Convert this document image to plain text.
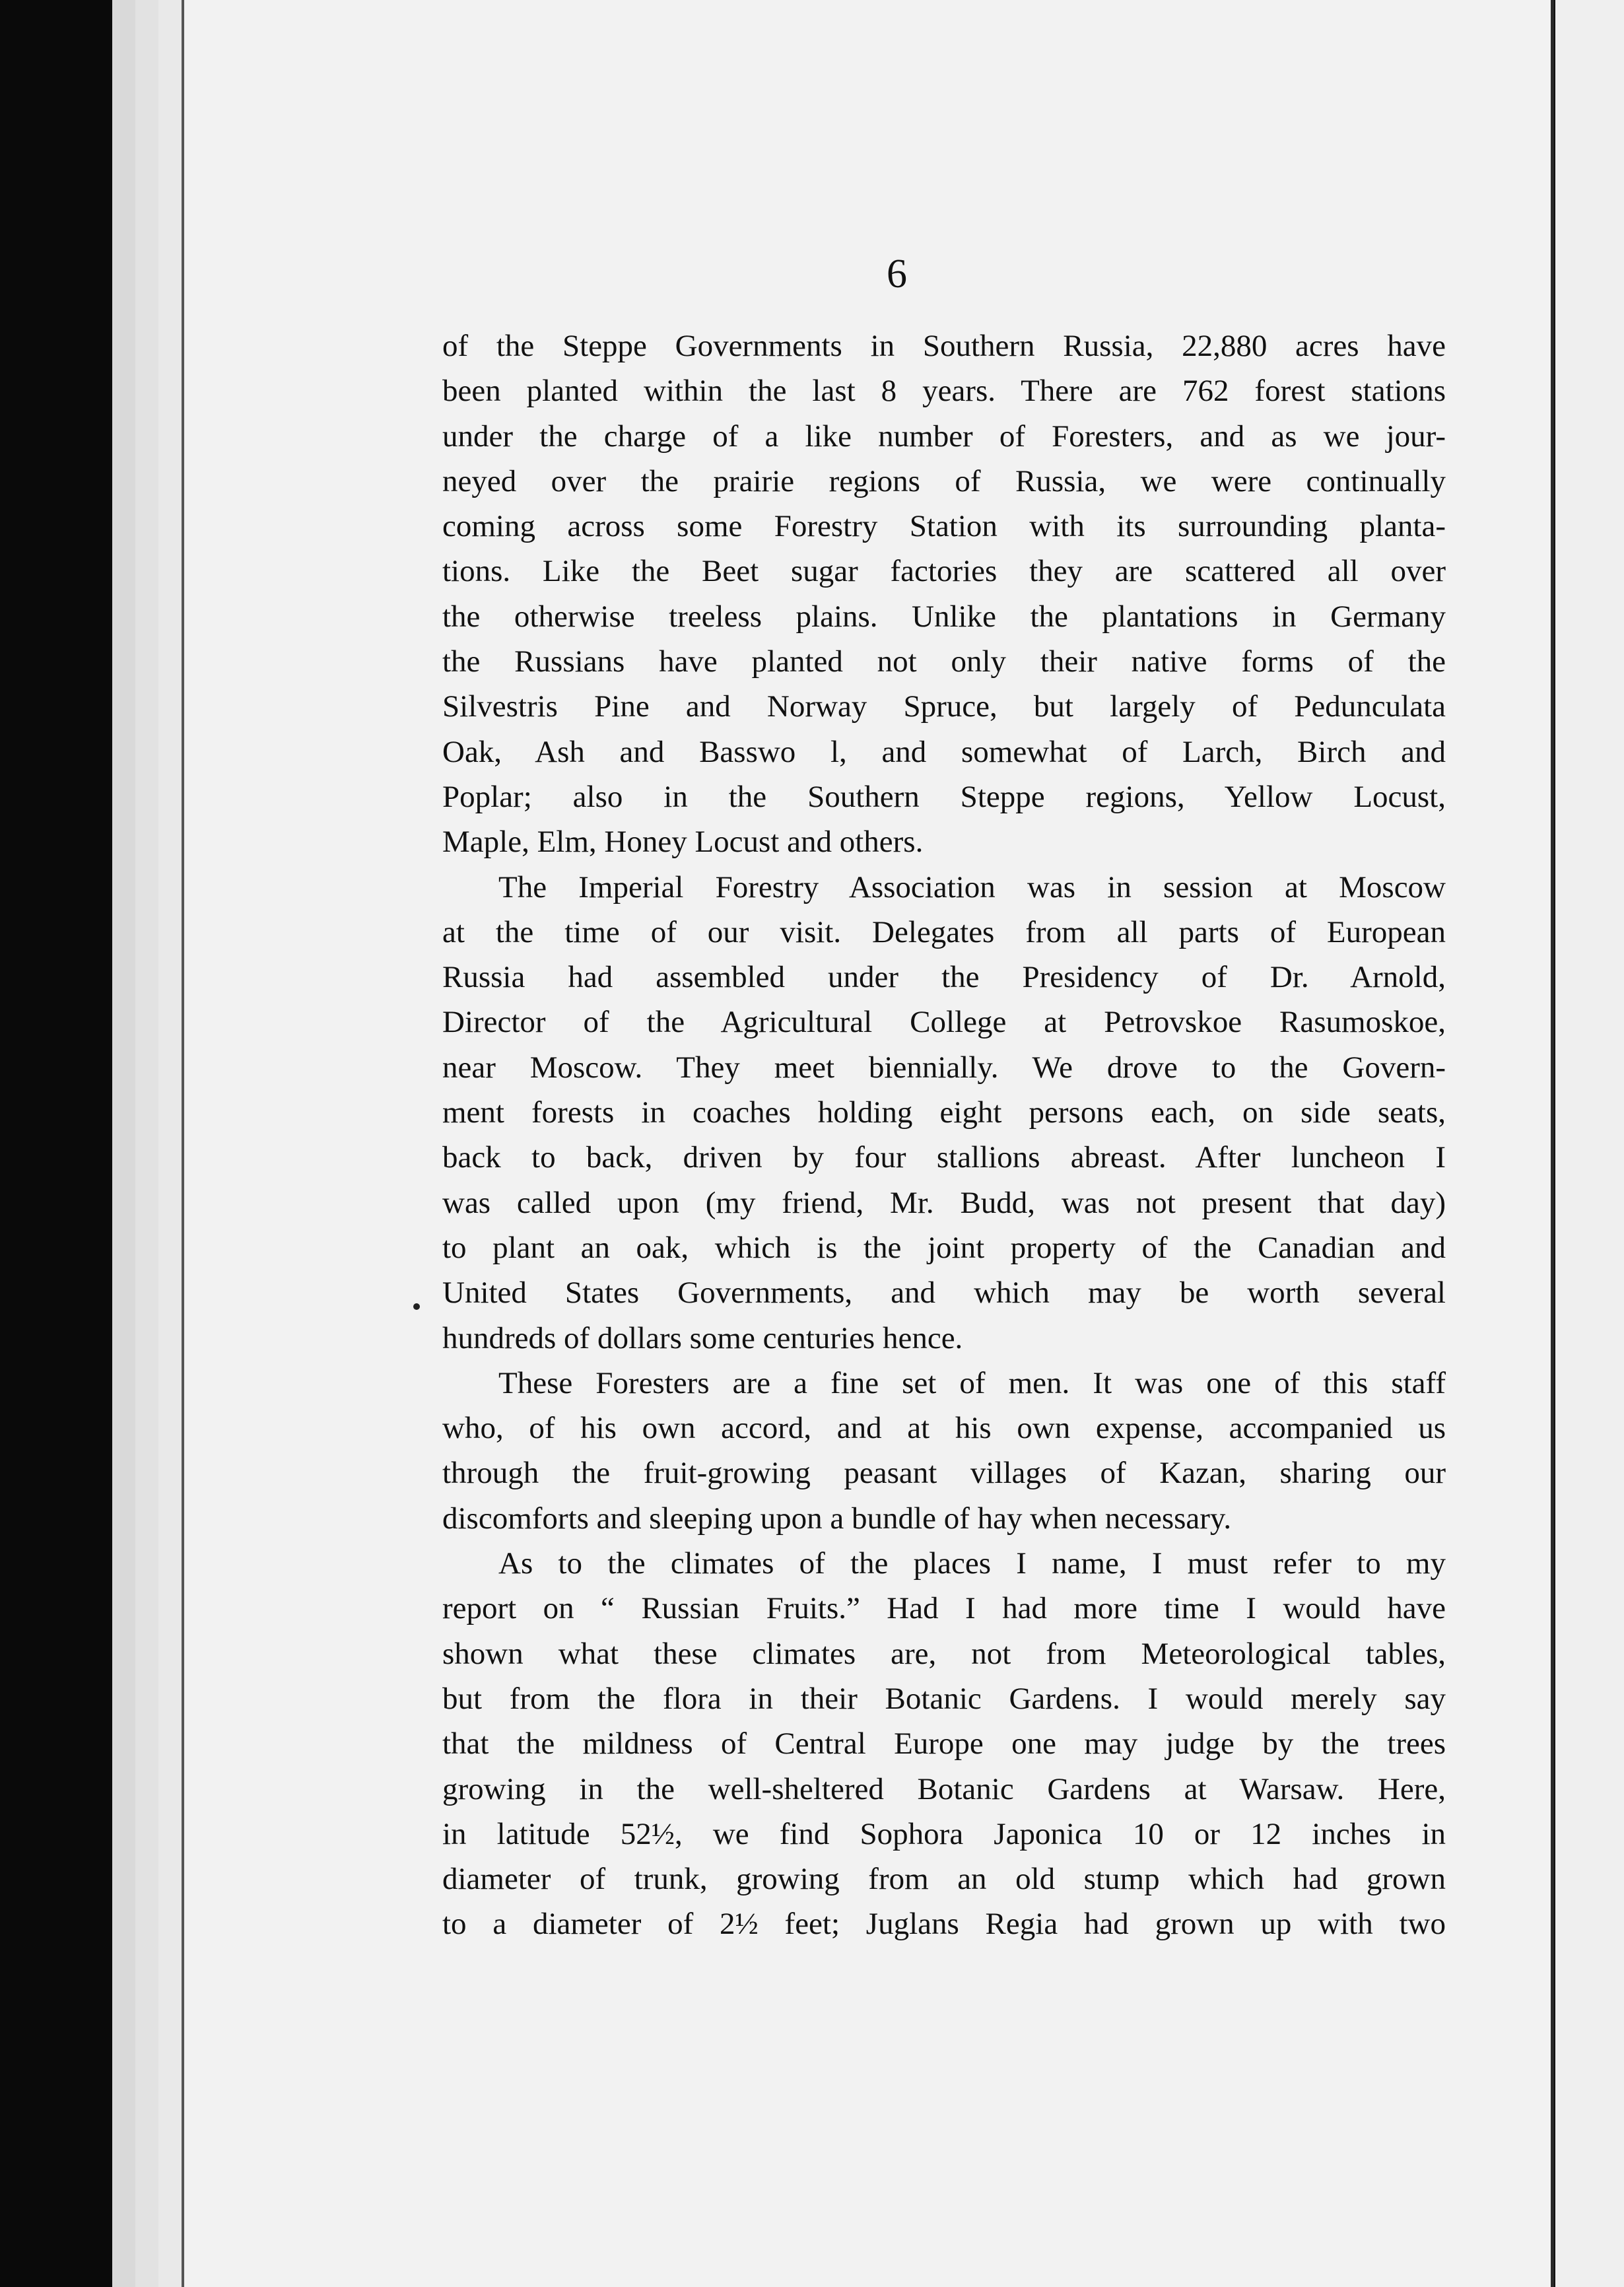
6
of the Steppe Governments in Southern Russia, 22,880 acres have
been planted within the last 8 years. There are 762 forest stations
under the charge of a like number of Foresters, and as we jour-
neyed over the prairie regions of Russia, we were continually
coming across some Forestry Station with its surrounding planta-
tions. Like the Beet sugar factories they are scattered all over
the otherwise treeless plains. Unlike the plantations in Germany
the Russians have planted not only their native forms of the
Silvestris Pine and Norway Spruce, but largely of Pedunculata
Oak, Ash and Basswo l, and somewhat of Larch, Birch and
Poplar; also in the Southern Steppe regions, Yellow Locust,
Maple, Elm, Honey Locust and others.
The Imperial Forestry Association was in session at Moscow
at the time of our visit. Delegates from all parts of European
Russia had assembled under the Presidency of Dr. Arnold,
Director of the Agricultural College at Petrovskoe Rasumoskoe,
near Moscow. They meet biennially. We drove to the Govern-
ment forests in coaches holding eight persons each, on side seats,
back to back, driven by four stallions abreast. After luncheon I
was called upon (my friend, Mr. Budd, was not present that day)
to plant an oak, which is the joint property of the Canadian and
United States Governments, and which may be worth several
hundreds of dollars some centuries hence.
These Foresters are a fine set of men. It was one of this staff
who, of his own accord, and at his own expense, accompanied us
through the fruit-growing peasant villages of Kazan, sharing our
discomforts and sleeping upon a bundle of hay when necessary.
As to the climates of the places I name, I must refer to my
report on “ Russian Fruits.” Had I had more time I would have
shown what these climates are, not from Meteorological tables,
but from the flora in their Botanic Gardens. I would merely say
that the mildness of Central Europe one may judge by the trees
growing in the well-sheltered Botanic Gardens at Warsaw. Here,
in latitude 52½, we find Sophora Japonica 10 or 12 inches in
diameter of trunk, growing from an old stump which had grown
to a diameter of 2½ feet; Juglans Regia had grown up with two
